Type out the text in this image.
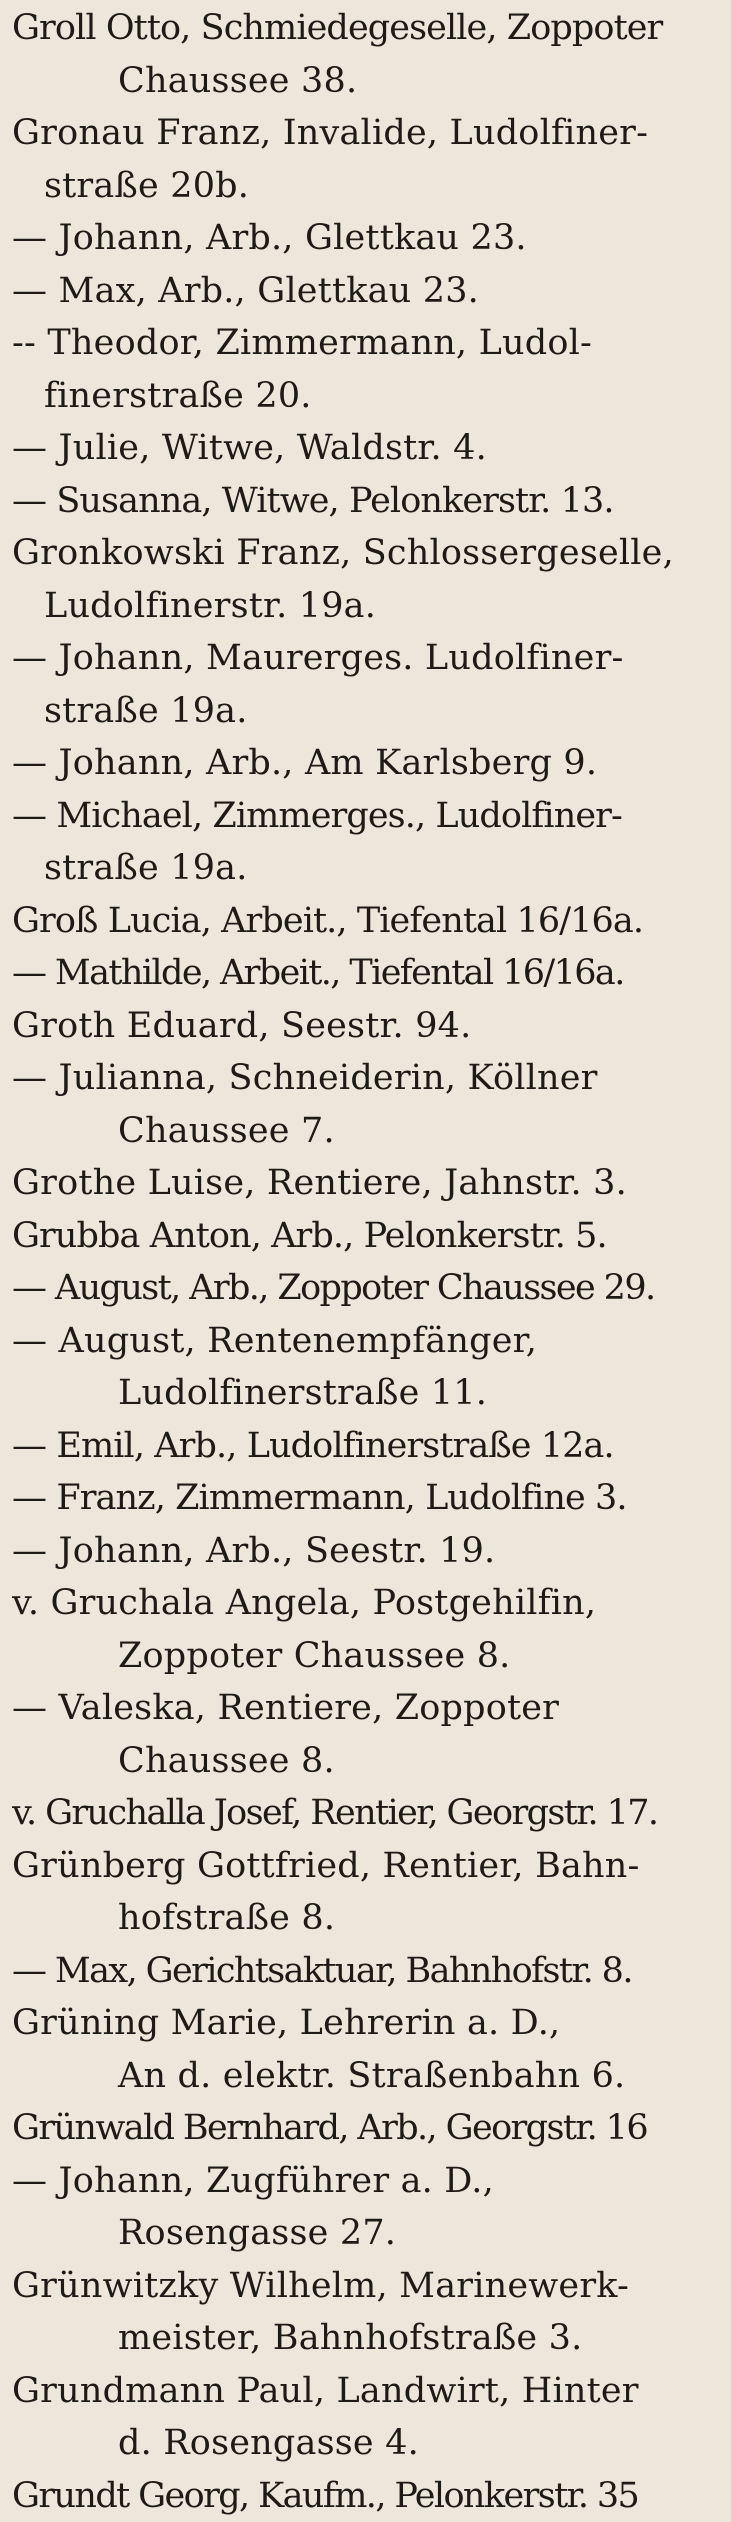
Groll Otto, Schmiedegeselle, Zoppoter
Chaussee 38.
Gronau Franz, Invalide, Ludolfiner-
straße 20b.
— Johann, Arb., Glettkau 23.
— Max, Arb., Glettkau 23.
-- Theodor, Zimmermann, Ludol-
finerstraße 20.
— Julie, Witwe, Waldstr. 4.
— Susanna, Witwe, Pelonkerstr. 13.
Gronkowski Franz, Schlossergeselle,
Ludolfinerstr. 19a.
— Johann, Maurerges. Ludolfiner-
straße 19a.
— Johann, Arb., Am Karlsberg 9.
— Michael, Zimmerges., Ludolfiner-
straße 19a.
Groß Lucia, Arbeit., Tiefental 16/16a.
— Mathilde, Arbeit., Tiefental 16/16a.
Groth Eduard, Seestr. 94.
— Julianna, Schneiderin, Köllner
Chaussee 7.
Grothe Luise, Rentiere, Jahnstr. 3.
Grubba Anton, Arb., Pelonkerstr. 5.
— August, Arb., Zoppoter Chaussee 29.
— August, Rentenempfänger,
Ludolfinerstraße 11.
— Emil, Arb., Ludolfinerstraße 12a.
— Franz, Zimmermann, Ludolfine 3.
— Johann, Arb., Seestr. 19.
v. Gruchala Angela, Postgehilfin,
Zoppoter Chaussee 8.
— Valeska, Rentiere, Zoppoter
Chaussee 8.
v. Gruchalla Josef, Rentier, Georgstr. 17.
Grünberg Gottfried, Rentier, Bahn-
hofstraße 8.
— Max, Gerichtsaktuar, Bahnhofstr. 8.
Grüning Marie, Lehrerin a. D.,
An d. elektr. Straßenbahn 6.
Grünwald Bernhard, Arb., Georgstr. 16
— Johann, Zugführer a. D.,
Rosengasse 27.
Grünwitzky Wilhelm, Marinewerk-
meister, Bahnhofstraße 3.
Grundmann Paul, Landwirt, Hinter
d. Rosengasse 4.
Grundt Georg, Kaufm., Pelonkerstr. 35
